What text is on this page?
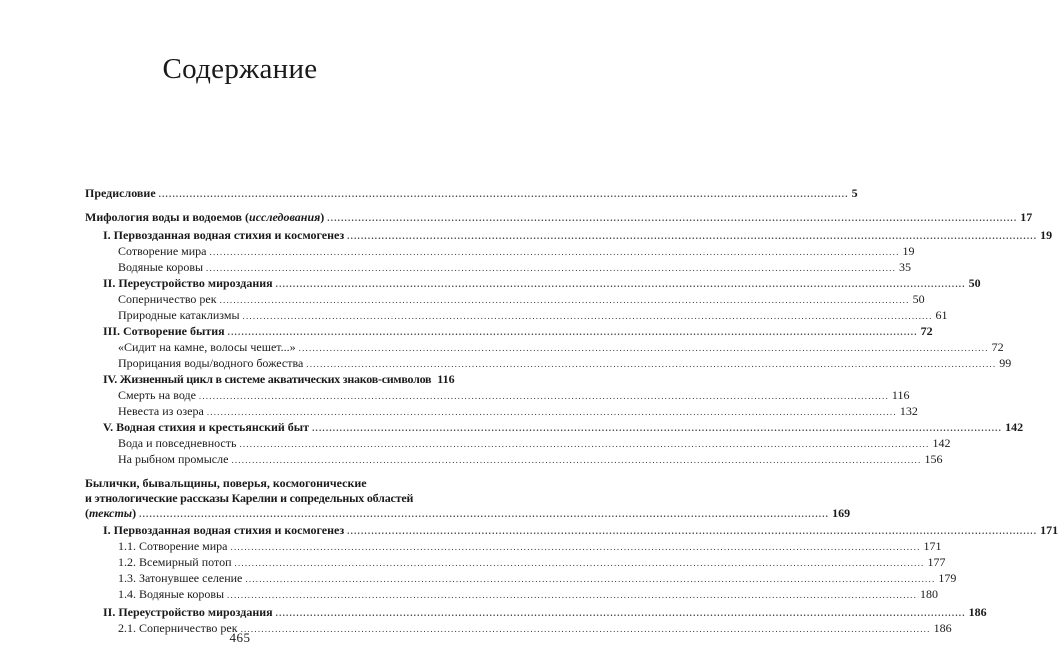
Содержание
Предисловие ........................................................................................................................................................................................................ 5
Мифология воды и водоемов (исследования) ........................................................................................................................................................................................................ 17
I. Первозданная водная стихия и космогенез ........................................................................................................................................................................................................ 19
Сотворение мира ........................................................................................................................................................................................................ 19
Водяные коровы ........................................................................................................................................................................................................ 35
II. Переустройство мироздания ........................................................................................................................................................................................................ 50
Соперничество рек ........................................................................................................................................................................................................ 50
Природные катаклизмы ........................................................................................................................................................................................................ 61
III. Сотворение бытия ........................................................................................................................................................................................................ 72
«Сидит на камне, волосы чешет...» ........................................................................................................................................................................................................ 72
Прорицания воды/водного божества ........................................................................................................................................................................................................ 99
IV. Жизненный цикл в системе акватических знаков-символов 116
Смерть на воде ........................................................................................................................................................................................................ 116
Невеста из озера ........................................................................................................................................................................................................ 132
V. Водная стихия и крестьянский быт ........................................................................................................................................................................................................ 142
Вода и повседневность ........................................................................................................................................................................................................ 142
На рыбном промысле ........................................................................................................................................................................................................ 156
Былички, бывальщины, поверья, космогонические
и этнологические рассказы Карелии и сопредельных областей
(тексты) ........................................................................................................................................................................................................ 169
I. Первозданная водная стихия и космогенез ........................................................................................................................................................................................................ 171
1.1. Сотворение мира ........................................................................................................................................................................................................ 171
1.2. Всемирный потоп ........................................................................................................................................................................................................ 177
1.3. Затонувшее селение ........................................................................................................................................................................................................ 179
1.4. Водяные коровы ........................................................................................................................................................................................................ 180
II. Переустройство мироздания ........................................................................................................................................................................................................ 186
2.1. Соперничество рек ........................................................................................................................................................................................................ 186
465
